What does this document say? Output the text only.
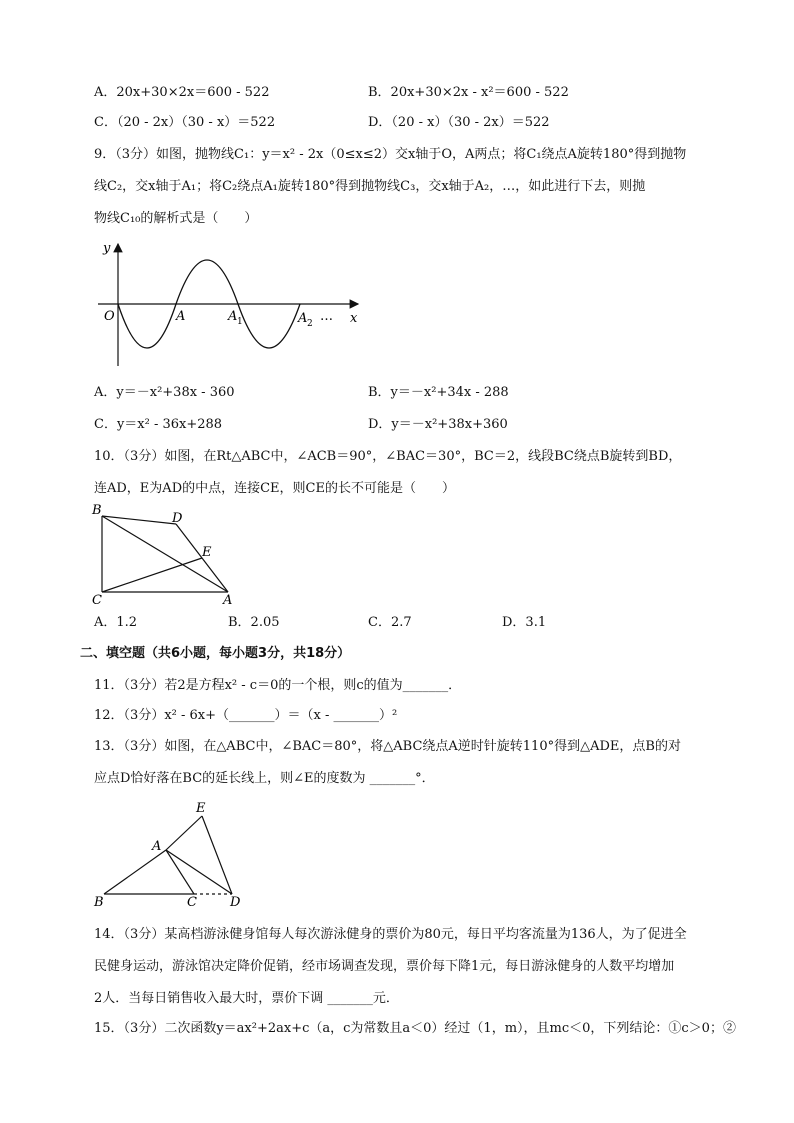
A．20x+30×2x＝600 - 522	B．20x+30×2x - x²＝600 - 522
C．（20 - 2x）（30 - x）＝522	D．（20 - x）（30 - 2x）＝522
9．（3分）如图，抛物线C₁：y＝x² - 2x（0≤x≤2）交x轴于O，A两点；将C₁绕点A旋转180°得到抛物
线C₂，交x轴于A₁；将C₂绕点A₁旋转180°得到抛物线C₃，交x轴于A₂，…，如此进行下去，则抛
物线C₁₀的解析式是（　　）
y
x
O	A	A 1	A 2 …
A．y＝－x²+38x - 360	B．y＝－x²+34x - 288
C．y＝x² - 36x+288	D．y＝－x²+38x+360
10．（3分）如图，在Rt△ABC中，∠ACB＝90°，∠BAC＝30°，BC＝2，线段BC绕点B旋转到BD，
连AD，E为AD的中点，连接CE，则CE的长不可能是（　　）
B
D
E
C	A
A．1.2	B．2.05	C．2.7	D．3.1
二、填空题（共6小题，每小题3分，共18分）
11．（3分）若2是方程x² - c＝0的一个根，则c的值为_______．
12．（3分）x² - 6x+（_______）＝（x - _______）²
13．（3分）如图，在△ABC中，∠BAC＝80°，将△ABC绕点A逆时针旋转110°得到△ADE，点B的对
应点D恰好落在BC的延长线上，则∠E的度数为 _______°．
E
A
B	C	D
14．（3分）某高档游泳健身馆每人每次游泳健身的票价为80元，每日平均客流量为136人，为了促进全
民健身运动，游泳馆决定降价促销，经市场调查发现，票价每下降1元，每日游泳健身的人数平均增加
2人．当每日销售收入最大时，票价下调 _______元．
15．（3分）二次函数y＝ax²+2ax+c（a，c为常数且a＜0）经过（1，m），且mc＜0，下列结论：①c＞0；②
